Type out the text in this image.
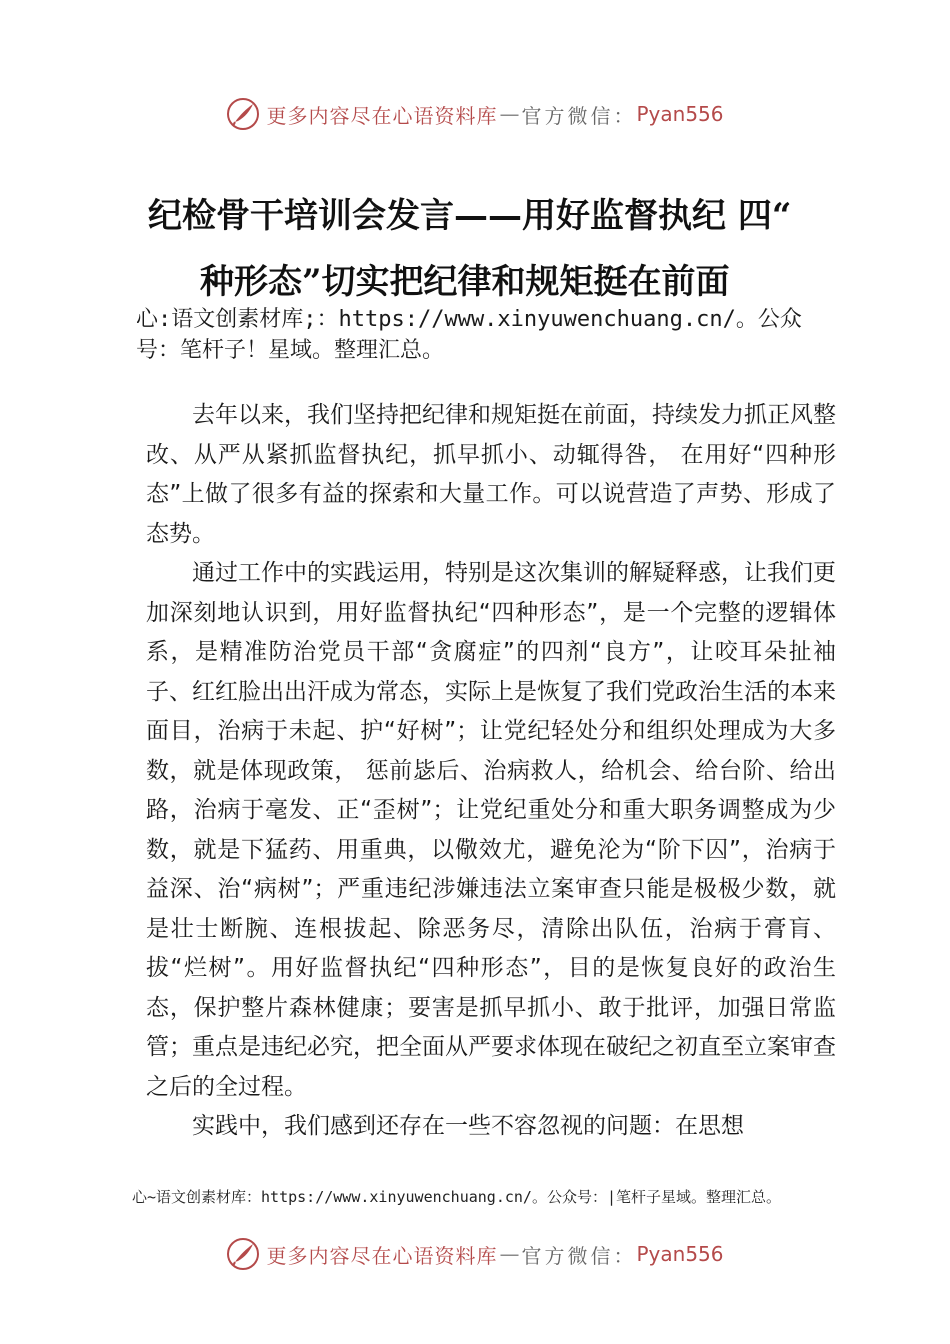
更多内容尽在心语资料库 — 官方微信： Pyan556
纪检骨干培训会发言——用好监督执纪 四“
种形态”切实把纪律和规矩挺在前面

心:语文创素材库;：https://www.xinyuwenchuang.cn/。公众号：笔杆子！星域。整理汇总。

去年以来，我们坚持把纪律和规矩挺在前面，持续发力抓正风整改、从严从紧抓监督执纪，抓早抓小、动辄得咎， 在用好“四种形态”上做了很多有益的探索和大量工作。可以说营造了声势、形成了态势。

通过工作中的实践运用，特别是这次集训的解疑释惑，让我们更加深刻地认识到，用好监督执纪“四种形态”，是一个完整的逻辑体系，是精准防治党员干部“贪腐症”的四剂“良方”，让咬耳朵扯袖子、红红脸出出汗成为常态，实际上是恢复了我们党政治生活的本来面目，治病于未起、护“好树”；让党纪轻处分和组织处理成为大多数，就是体现政策， 惩前毖后、治病救人，给机会、给台阶、给出路，治病于毫发、正“歪树”；让党纪重处分和重大职务调整成为少数，就是下猛药、用重典，以儆效尤，避免沦为“阶下囚”，治病于益深、治“病树”；严重违纪涉嫌违法立案审查只能是极极少数，就是壮士断腕、连根拔起、除恶务尽，清除出队伍，治病于膏肓、拔“烂树”。用好监督执纪“四种形态”，目的是恢复良好的政治生态，保护整片森林健康；要害是抓早抓小、敢于批评，加强日常监管；重点是违纪必究，把全面从严要求体现在破纪之初直至立案审查之后的全过程。

实践中，我们感到还存在一些不容忽视的问题：在思想

心~语文创素材库：https://www.xinyuwenchuang.cn/。公众号：|笔杆子星域。整理汇总。

更多内容尽在心语资料库 — 官方微信： Pyan556
